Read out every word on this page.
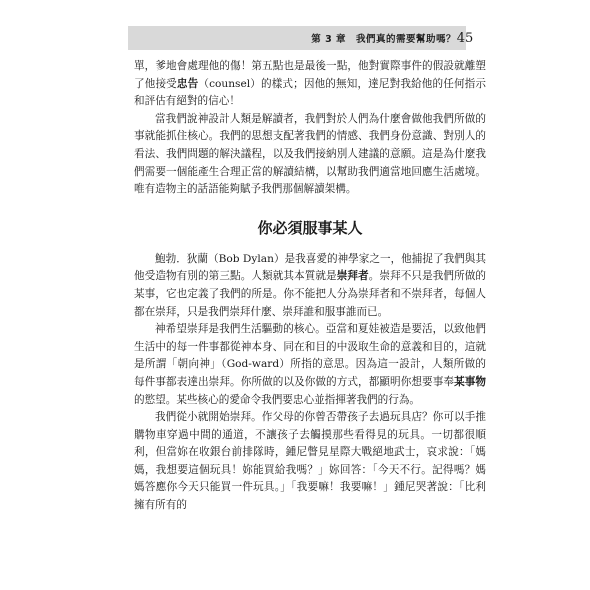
第 3 章　我們真的需要幫助嗎？ 45

單，爹地會處理他的傷！第五點也是最後一點，他對實際事件的假設就離塑了他接受忠告（counsel）的樣式；因他的無知，達尼對我給他的任何指示和評估有絕對的信心！

當我們說神設計人類是解讀者，我們對於人們為什麼會做他我們所做的事就能抓住核心。我們的思想支配著我們的情感、我們身份意識、對別人的看法、我們問題的解決議程，以及我們接納別人建議的意願。這是為什麼我們需要一個能產生合理正當的解讀結構，以幫助我們適當地回應生活處境。唯有造物主的話語能夠賦予我們那個解讀架構。

你必須服事某人

鮑勃．狄蘭（Bob Dylan）是我喜愛的神學家之一，他捕捉了我們與其他受造物有別的第三點。人類就其本質就是崇拜者。崇拜不只是我們所做的某事，它也定義了我們的所是。你不能把人分為崇拜者和不崇拜者，每個人都在崇拜，只是我們崇拜什麼、崇拜誰和服事誰而已。

神希望崇拜是我們生活驅動的核心。亞當和夏娃被造是要活，以致他們生活中的每一件事都從神本身、同在和目的中汲取生命的意義和目的，這就是所謂「朝向神」（God-ward）所指的意思。因為這一設計，人類所做的每件事都表達出崇拜。你所做的以及你做的方式，都顯明你想要事奉某事物的慾望。某些核心的愛命令我們要忠心並指揮著我們的行為。

我們從小就開始崇拜。作父母的你曾否帶孩子去過玩具店？你可以手推購物車穿過中間的通道，不讓孩子去觸摸那些看得見的玩具。一切都很順利，但當妳在收銀台前排隊時，鍾尼瞥見星際大戰絕地武士，哀求說：「媽媽，我想要這個玩具！妳能買給我嗎？」妳回答：「今天不行。記得嗎？媽媽答應你今天只能買一件玩具。」「我要嘛！我要嘛！」鍾尼哭著說：「比利擁有所有的
